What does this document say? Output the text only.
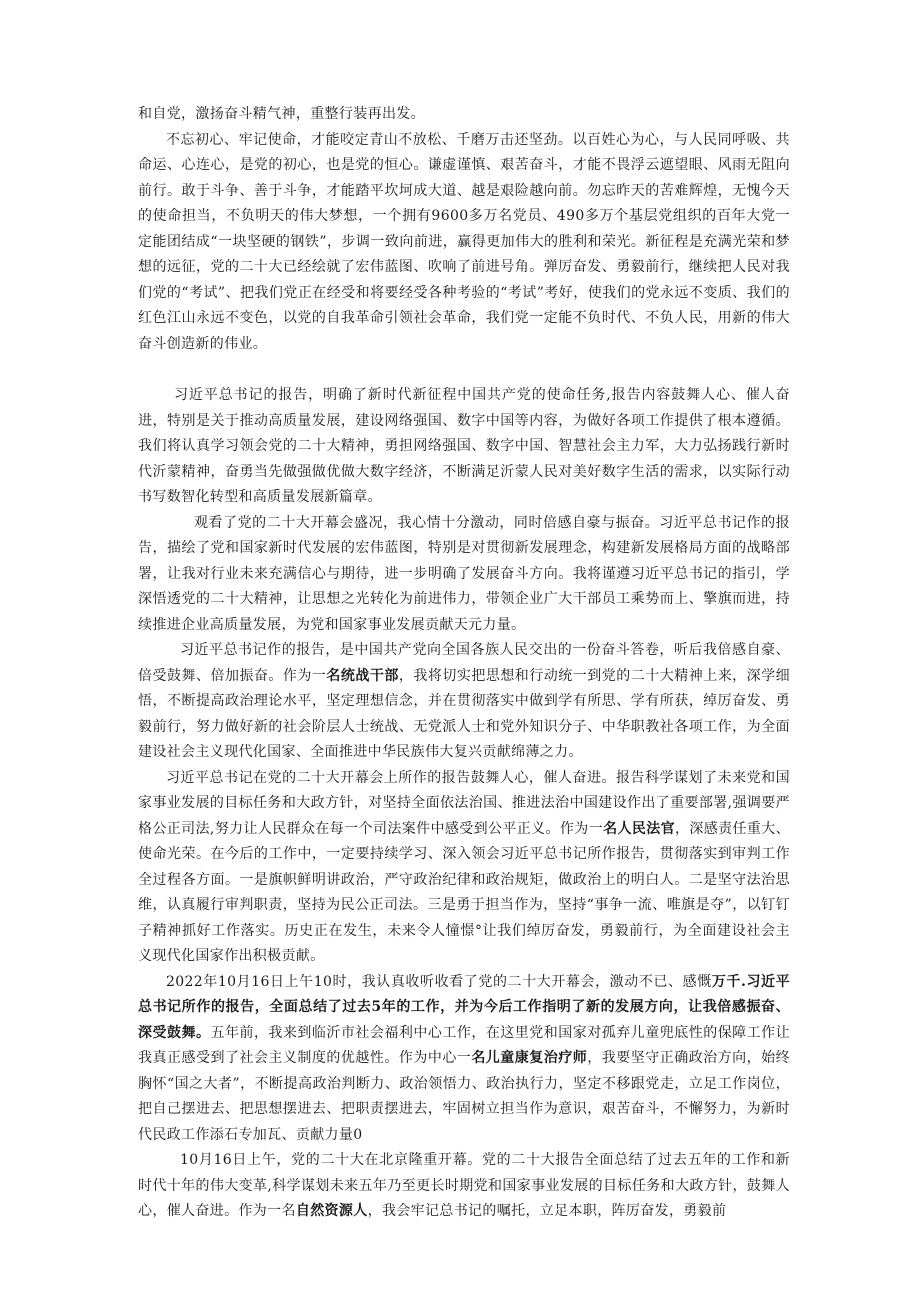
和自党，激扬奋斗精气神，重整行装再出发。

不忘初心、牢记使命，才能咬定青山不放松、千磨万击还坚劲。以百姓心为心，与人民同呼吸、共命运、心连心，是党的初心，也是党的恒心。谦虚谨慎、艰苦奋斗，才能不畏浮云遮望眼、风雨无阻向前行。敢于斗争、善于斗争，才能踏平坎坷成大道、越是艰险越向前。勿忘昨天的苦难辉煌，无愧今天的使命担当，不负明天的伟大梦想，一个拥有9600多万名党员、490多万个基层党组织的百年大党一定能团结成“一块坚硬的钢铁”，步调一致向前进，赢得更加伟大的胜利和荣光。新征程是充满光荣和梦想的远征，党的二十大已经绘就了宏伟蓝图、吹响了前进号角。弹厉奋发、勇毅前行，继续把人民对我们党的“考试”、把我们党正在经受和将要经受各种考验的“考试”考好，使我们的党永远不变质、我们的红色江山永远不变色，以党的自我革命引领社会革命，我们党一定能不负时代、不负人民，用新的伟大奋斗创造新的伟业。

习近平总书记的报告，明确了新时代新征程中国共产党的使命任务,报告内容鼓舞人心、催人奋进，特别是关于推动高质量发展，建设网络强国、数字中国等内容，为做好各项工作提供了根本遵循。我们将认真学习领会党的二十大精神，勇担网络强国、数字中国、智慧社会主力军，大力弘扬践行新时代沂蒙精神，奋勇当先做强做优做大数字经济，不断满足沂蒙人民对美好数字生活的需求，以实际行动书写数智化转型和高质量发展新篇章。

观看了党的二十大开幕会盛况，我心情十分激动，同时倍感自豪与振奋。习近平总书记作的报告，描绘了党和国家新时代发展的宏伟蓝图，特别是对贯彻新发展理念，构建新发展格局方面的战略部署，让我对行业未来充满信心与期待，进一步明确了发展奋斗方向。我将谨遵习近平总书记的指引，学深悟透党的二十大精神，让思想之光转化为前进伟力，带领企业广大干部员工乘势而上、擎旗而进，持续推进企业高质量发展，为党和国家事业发展贡献天元力量。

习近平总书记作的报告，是中国共产党向全国各族人民交出的一份奋斗答卷，听后我倍感自豪、倍受鼓舞、倍加振奋。作为一名统战干部，我将切实把思想和行动统一到党的二十大精神上来，深学细悟，不断提高政治理论水平，坚定理想信念，并在贯彻落实中做到学有所思、学有所获，绰厉奋发、勇毅前行，努力做好新的社会阶层人士统战、无党派人士和党外知识分子、中华职教社各项工作，为全面建设社会主义现代化国家、全面推进中华民族伟大复兴贡献绵薄之力。

习近平总书记在党的二十大开幕会上所作的报告鼓舞人心，催人奋进。报告科学谋划了未来党和国家事业发展的目标任务和大政方针，对坚持全面依法治国、推进法治中国建设作出了重要部署,强调要严格公正司法,努力让人民群众在每一个司法案件中感受到公平正义。作为一名人民法官，深感责任重大、使命光荣。在今后的工作中，一定要持续学习、深入领会习近平总书记所作报告，贯彻落实到审判工作全过程各方面。一是旗帜鲜明讲政治，严守政治纪律和政治规矩，做政治上的明白人。二是坚守法治思维，认真履行审判职责，坚持为民公正司法。三是勇于担当作为，坚持“事争一流、唯旗是夺”，以钉钉子精神抓好工作落实。历史正在发生，未来令人憧憬°让我们绰厉奋发，勇毅前行，为全面建设社会主义现代化国家作出积极贡献。

2022年10月16日上午10时，我认真收听收看了党的二十大开幕会，激动不已、感慨万千.习近平总书记所作的报告，全面总结了过去5年的工作，并为今后工作指明了新的发展方向，让我倍感振奋、深受鼓舞。五年前，我来到临沂市社会福利中心工作，在这里党和国家对孤弃儿童兜底性的保障工作让我真正感受到了社会主义制度的优越性。作为中心一名儿童康复治疗师，我要坚守正确政治方向，始终胸怀“国之大者”，不断提高政治判断力、政治领悟力、政治执行力，坚定不移跟党走，立足工作岗位，把自己摆进去、把思想摆进去、把职责摆进去，牢固树立担当作为意识，艰苦奋斗，不懈努力，为新时代民政工作添石专加瓦、贡献力量0

10月16日上午，党的二十大在北京隆重开幕。党的二十大报告全面总结了过去五年的工作和新时代十年的伟大变革,科学谋划未来五年乃至更长时期党和国家事业发展的目标任务和大政方针，鼓舞人心，催人奋进。作为一名自然资源人，我会牢记总书记的嘱托，立足本职，阵厉奋发，勇毅前
